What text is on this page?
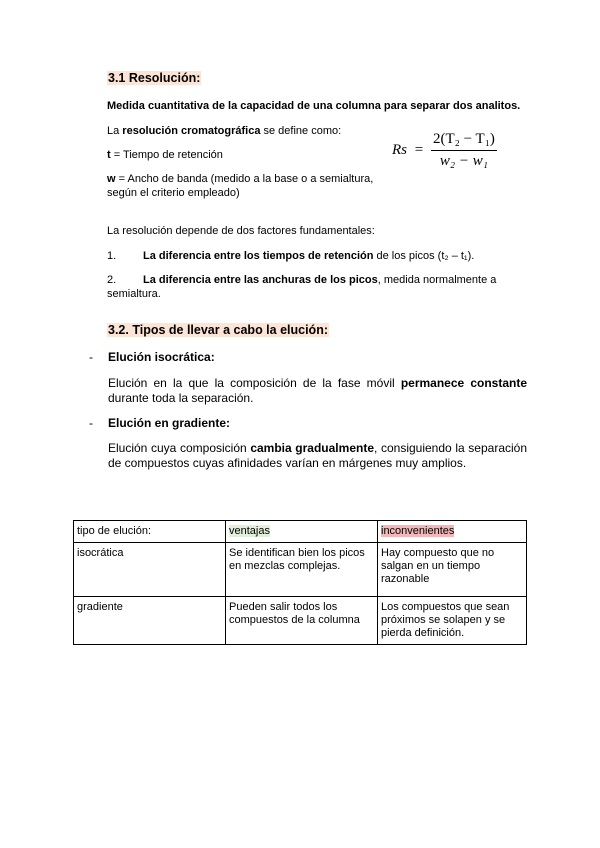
3.1 Resolución:
Medida cuantitativa de la capacidad de una columna para separar dos analitos.
La resolución cromatográfica se define como:
t = Tiempo de retención
w = Ancho de banda (medido a la base o a semialtura, según el criterio empleado)
$Rs = \frac{\text{2(T₂ − T₁)}}{\text{w₂ − w₁}}$
La resolución depende de dos factores fundamentales:
1. La diferencia entre los tiempos de retención de los picos (t₂ – t₁).
2. La diferencia entre las anchuras de los picos, medida normalmente a semialtura.
3.2. Tipos de llevar a cabo la elución:
- Elución isocrática:
Elución en la que la composición de la fase móvil permanece constante durante toda la separación.
- Elución en gradiente:
Elución cuya composición cambia gradualmente, consiguiendo la separación de compuestos cuyas afinidades varían en márgenes muy amplios.
tipo de elución:	ventajas	inconvenientes
isocrática	Se identifican bien los picos en mezclas complejas.	Hay compuesto que no salgan en un tiempo razonable
gradiente	Pueden salir todos los compuestos de la columna	Los compuestos que sean próximos se solapen y se pierda definición.
